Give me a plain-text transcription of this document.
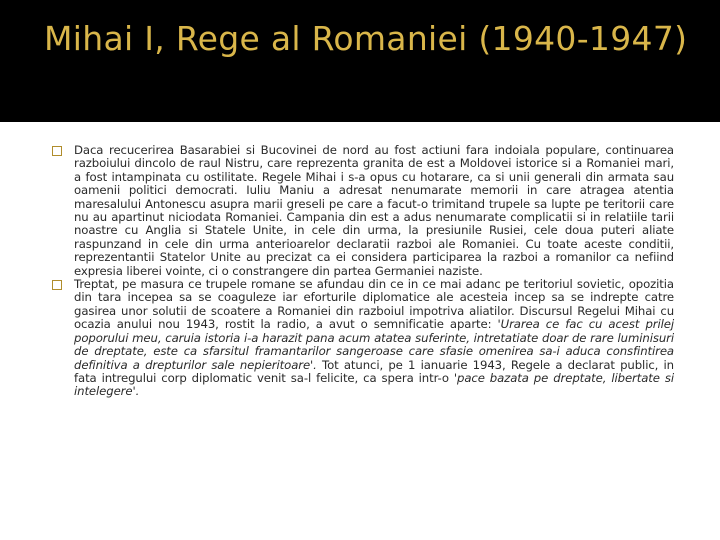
Mihai I, Rege al Romaniei (1940-1947)

Daca recucerirea Basarabiei si Bucovinei de nord au fost actiuni fara indoiala populare, continuarea razboiului dincolo de raul Nistru, care reprezenta granita de est a Moldovei istorice si a Romaniei mari, a fost intampinata cu ostilitate. Regele Mihai i s-a opus cu hotarare, ca si unii generali din armata sau oamenii politici democrati. Iuliu Maniu a adresat nenumarate memorii in care atragea atentia maresalului Antonescu asupra marii greseli pe care a facut-o trimitand trupele sa lupte pe teritorii care nu au apartinut niciodata Romaniei. Campania din est a adus nenumarate complicatii si in relatiile tarii noastre cu Anglia si Statele Unite, in cele din urma, la presiunile Rusiei, cele doua puteri aliate raspunzand in cele din urma anterioarelor declaratii razboi ale Romaniei. Cu toate aceste conditii, reprezentantii Statelor Unite au precizat ca ei considera participarea la razboi a romanilor ca nefiind expresia liberei vointe, ci o constrangere din partea Germaniei naziste.

Treptat, pe masura ce trupele romane se afundau din ce in ce mai adanc pe teritoriul sovietic, opozitia din tara incepea sa se coaguleze iar eforturile diplomatice ale acesteia incep sa se indrepte catre gasirea unor solutii de scoatere a Romaniei din razboiul impotriva aliatilor. Discursul Regelui Mihai cu ocazia anului nou 1943, rostit la radio, a avut o semnificatie aparte: 'Urarea ce fac cu acest prilej poporului meu, caruia istoria i-a harazit pana acum atatea suferinte, intretatiate doar de rare luminisuri de dreptate, este ca sfarsitul framantarilor sangeroase care sfasie omenirea sa-i aduca consfintirea definitiva a drepturilor sale nepieritoare'. Tot atunci, pe 1 ianuarie 1943, Regele a declarat public, in fata intregului corp diplomatic venit sa-l felicite, ca spera intr-o 'pace bazata pe dreptate, libertate si intelegere'.
